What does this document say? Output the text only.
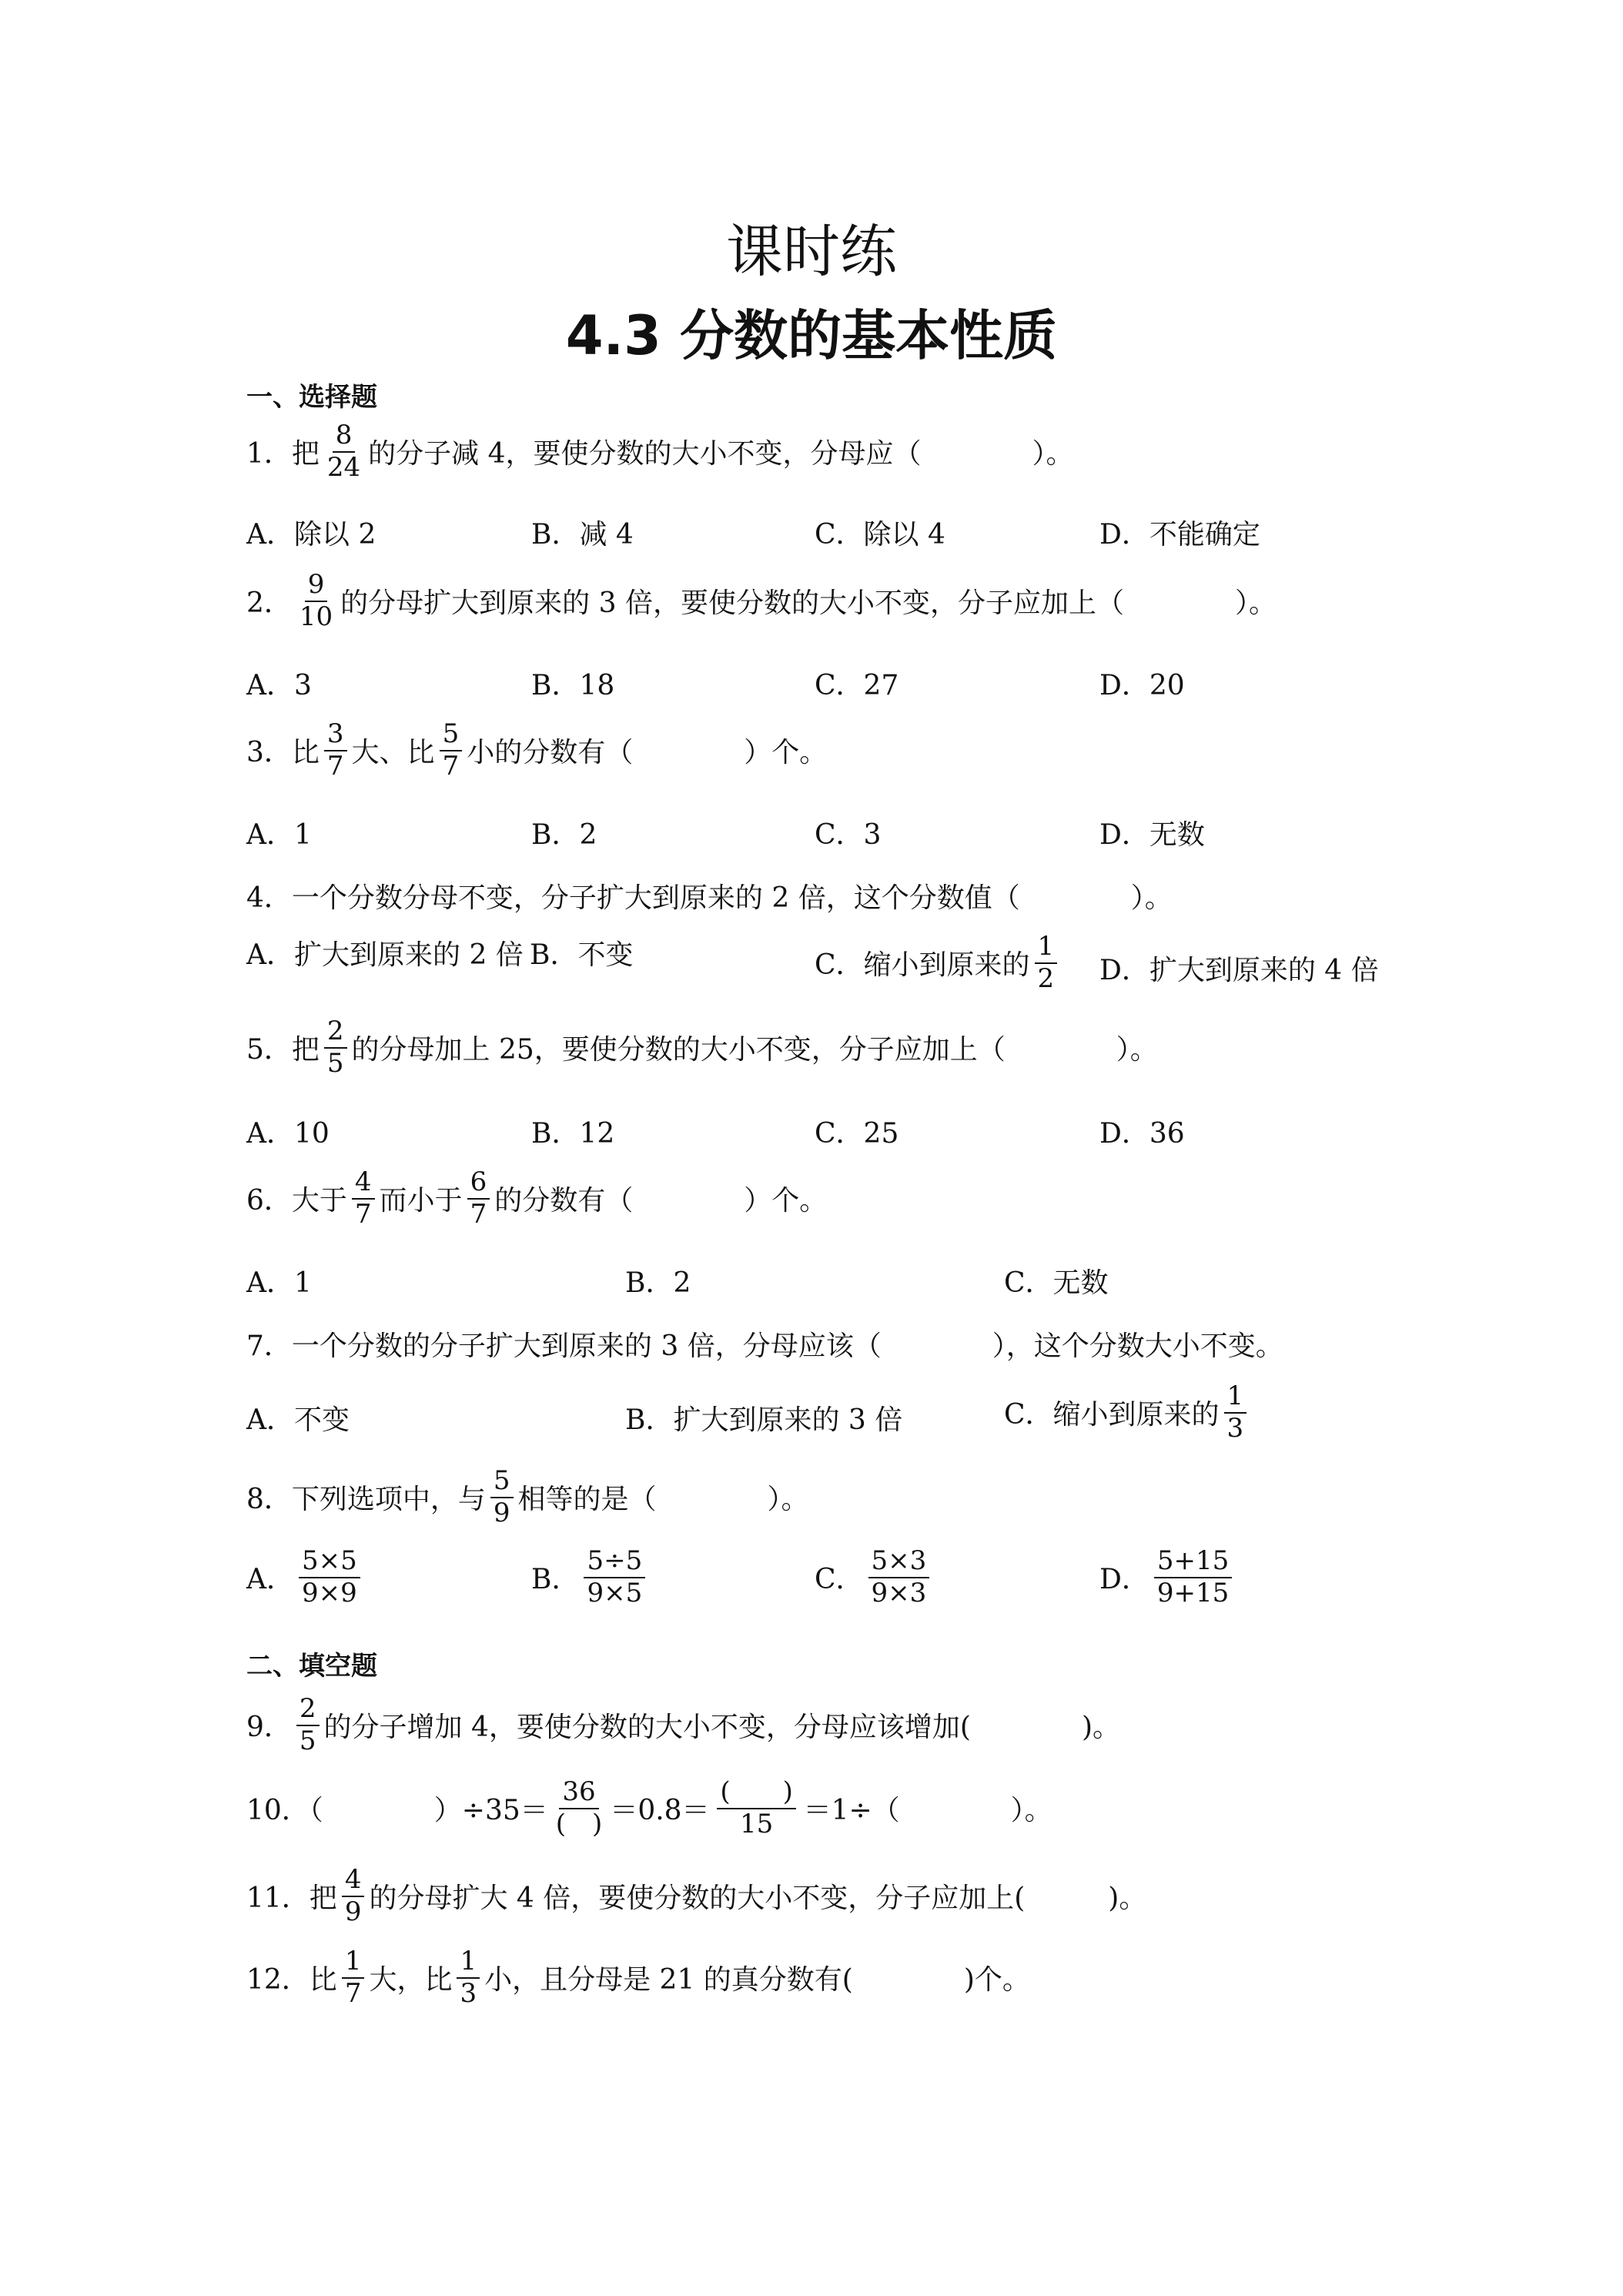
课时练
4.3 分数的基本性质
一、选择题
1．把 $\frac{8}{24}$ 的分子减 4，要使分数的大小不变，分母应（　　　　）。
A．除以 2	B．减 4	C．除以 4	D．不能确定
2． $\frac{9}{10}$ 的分母扩大到原来的 3 倍，要使分数的大小不变，分子应加上（　　　　）。
A．3	B．18	C．27	D．20
3．比 $\frac{3}{7}$ 大、比 $\frac{5}{7}$ 小的分数有（　　　　）个。
A．1	B．2	C．3	D．无数
4．一个分数分母不变，分子扩大到原来的 2 倍，这个分数值（　　　　）。
A．扩大到原来的 2 倍 B．不变	C．缩小到原来的 $\frac{1}{2}$ D．扩大到原来的 4 倍
5．把 $\frac{2}{5}$ 的分母加上 25，要使分数的大小不变，分子应加上（　　　　）。
A．10	B．12	C．25	D．36
6．大于 $\frac{4}{7}$ 而小于 $\frac{6}{7}$ 的分数有（　　　　）个。
A．1	B．2	C．无数
7．一个分数的分子扩大到原来的 3 倍，分母应该（　　　　），这个分数大小不变。
A．不变	B．扩大到原来的 3 倍	C．缩小到原来的 $\frac{1}{3}$
8．下列选项中，与 $\frac{5}{9}$ 相等的是（　　　　）。
A． $\frac{5\times 5}{9\times 9}$	B． $\frac{5\div 5}{9\times 5}$	C． $\frac{5\times 3}{9\times 3}$	D． $\frac{5+15}{9+15}$
二、填空题
9． $\frac{2}{5}$ 的分子增加 4，要使分数的大小不变，分母应该增加(　　　　)。
10．（　　　　）$\div 35= \frac{36}{( )} =0.8= \frac{( )}{15} =1\div$（　　　　）。
11．把 $\frac{4}{9}$ 的分母扩大 4 倍，要使分数的大小不变，分子应加上(　　　)。
12．比 $\frac{1}{7}$ 大，比 $\frac{1}{3}$ 小，且分母是 21 的真分数有(　　　　)个。
